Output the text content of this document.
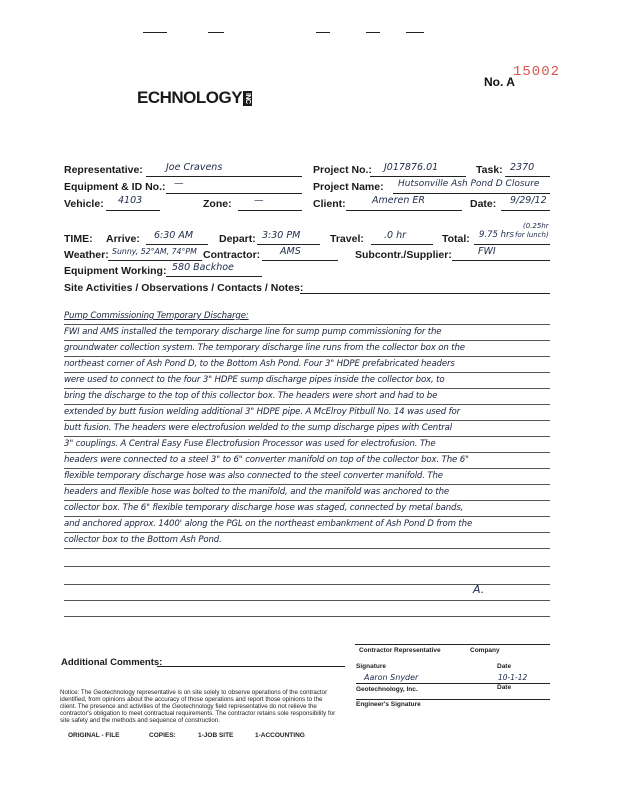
ECHNOLOGY INC
No. A
15002
Representative: Joe Cravens	Project No.: J017876.01	Task: 2370
Equipment & ID No.: —	Project Name: Hutsonville Ash Pond D Closure
Vehicle: 4103	Zone: —	Client:	Ameren ER	Date: 9/29/12
TIME: Arrive: 6:30 AM Depart: 3:30 PM	Travel: .0 hr	Total: 9.75 hrs
(0.25hr
for lunch)
Weather: Sunny, 52°AM, 74°PM Contractor: AMS	Subcontr./Supplier:	FWI
Equipment Working: 580 Backhoe
Site Activities / Observations / Contacts / Notes:
Pump Commissioning Temporary Discharge:
FWI and AMS installed the temporary discharge line for sump pump commissioning for the
groundwater collection system. The temporary discharge line runs from the collector box on the
northeast corner of Ash Pond D, to the Bottom Ash Pond. Four 3" HDPE prefabricated headers
were used to connect to the four 3" HDPE sump discharge pipes inside the collector box, to
bring the discharge to the top of this collector box. The headers were short and had to be
extended by butt fusion welding additional 3" HDPE pipe. A McElroy Pitbull No. 14 was used for
butt fusion. The headers were electrofusion welded to the sump discharge pipes with Central
3" couplings. A Central Easy Fuse Electrofusion Processor was used for electrofusion. The
headers were connected to a steel 3" to 6" converter manifold on top of the collector box. The 6"
flexible temporary discharge hose was also connected to the steel converter manifold. The
headers and flexible hose was bolted to the manifold, and the manifold was anchored to the
collector box. The 6" flexible temporary discharge hose was staged, connected by metal bands,
and anchored approx. 1400' along the PGL on the northeast embankment of Ash Pond D from the
collector box to the Bottom Ash Pond.
A.
Additional Comments:
Contractor Representative	Company
Signature	Date
Aaron Snyder	10-1-12
Geotechnology, Inc.	Date
Engineer's Signature
Notice: The Geotechnology representative is on site solely to observe operations of the contractor identified, from opinions about the accuracy of those operations and report those opinions to the client. The presence and activities of the Geotechnology field representative do not relieve the contractor's obligation to meet contractual requirements. The contractor retains sole responsibility for site safety and the methods and sequence of construction.
ORIGINAL - FILE	COPIES:	1-JOB SITE	1-ACCOUNTING
